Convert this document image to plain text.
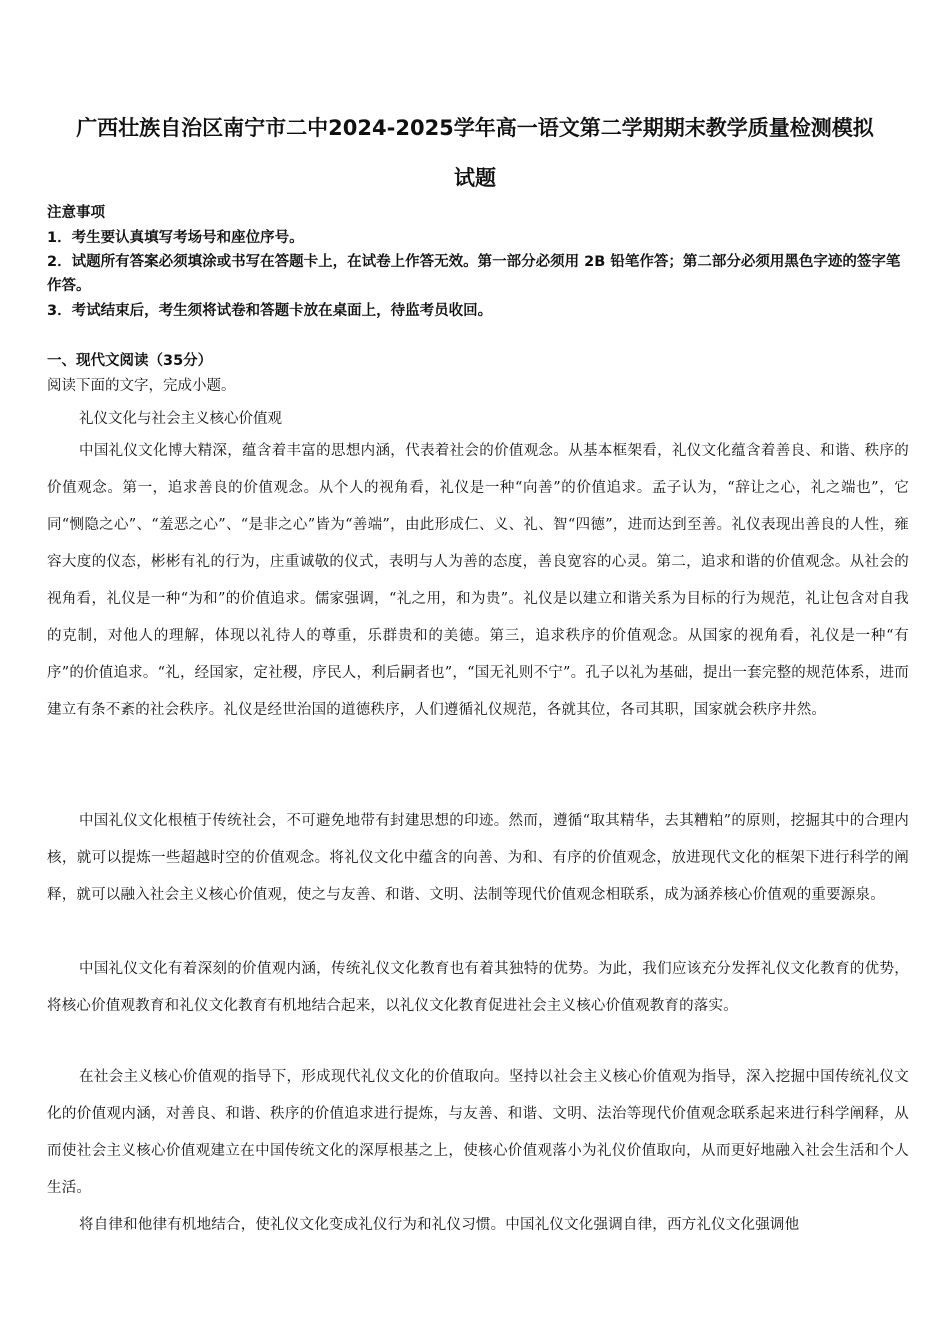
广西壮族自治区南宁市二中2024-2025学年高一语文第二学期期末教学质量检测模拟
试题
注意事项
1．考生要认真填写考场号和座位序号。
2．试题所有答案必须填涂或书写在答题卡上，在试卷上作答无效。第一部分必须用 2B 铅笔作答；第二部分必须用黑色字迹的签字笔作答。
3．考试结束后，考生须将试卷和答题卡放在桌面上，待监考员收回。
一、现代文阅读（35分）
阅读下面的文字，完成小题。
礼仪文化与社会主义核心价值观

中国礼仪文化博大精深，蕴含着丰富的思想内涵，代表着社会的价值观念。从基本框架看，礼仪文化蕴含着善良、和谐、秩序的价值观念。第一，追求善良的价值观念。从个人的视角看，礼仪是一种“向善”的价值追求。孟子认为，“辞让之心，礼之端也”，它同“恻隐之心”、“羞恶之心”、“是非之心”皆为“善端”，由此形成仁、义、礼、智“四德”，进而达到至善。礼仪表现出善良的人性，雍容大度的仪态，彬彬有礼的行为，庄重诚敬的仪式，表明与人为善的态度，善良宽容的心灵。第二，追求和谐的价值观念。从社会的视角看，礼仪是一种“为和”的价值追求。儒家强调，“礼之用，和为贵”。礼仪是以建立和谐关系为目标的行为规范，礼让包含对自我的克制，对他人的理解，体现以礼待人的尊重，乐群贵和的美德。第三，追求秩序的价值观念。从国家的视角看，礼仪是一种“有序”的价值追求。“礼，经国家，定社稷，序民人，利后嗣者也”，“国无礼则不宁”。孔子以礼为基础，提出一套完整的规范体系，进而建立有条不紊的社会秩序。礼仪是经世治国的道德秩序，人们遵循礼仪规范，各就其位，各司其职，国家就会秩序井然。

中国礼仪文化根植于传统社会，不可避免地带有封建思想的印迹。然而，遵循“取其精华，去其糟粕”的原则，挖掘其中的合理内核，就可以提炼一些超越时空的价值观念。将礼仪文化中蕴含的向善、为和、有序的价值观念，放进现代文化的框架下进行科学的阐释，就可以融入社会主义核心价值观，使之与友善、和谐、文明、法制等现代价值观念相联系，成为涵养核心价值观的重要源泉。

中国礼仪文化有着深刻的价值观内涵，传统礼仪文化教育也有着其独特的优势。为此，我们应该充分发挥礼仪文化教育的优势，将核心价值观教育和礼仪文化教育有机地结合起来，以礼仪文化教育促进社会主义核心价值观教育的落实。

在社会主义核心价值观的指导下，形成现代礼仪文化的价值取向。坚持以社会主义核心价值观为指导，深入挖掘中国传统礼仪文化的价值观内涵，对善良、和谐、秩序的价值追求进行提炼，与友善、和谐、文明、法治等现代价值观念联系起来进行科学阐释，从而使社会主义核心价值观建立在中国传统文化的深厚根基之上，使核心价值观落小为礼仪价值取向，从而更好地融入社会生活和个人生活。

将自律和他律有机地结合，使礼仪文化变成礼仪行为和礼仪习惯。中国礼仪文化强调自律，西方礼仪文化强调他
